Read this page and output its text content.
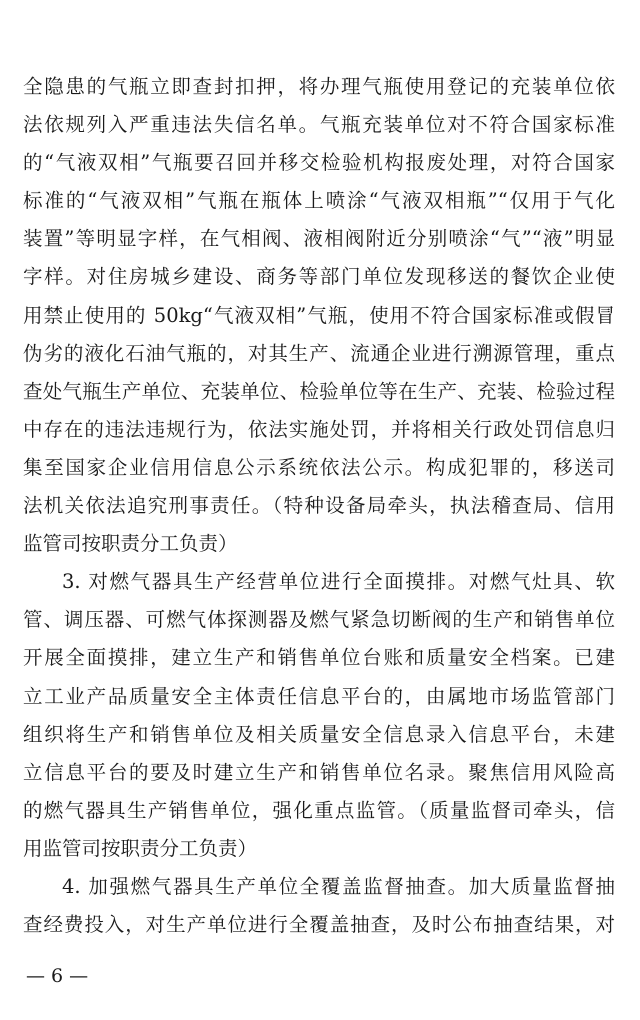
全隐患的气瓶立即查封扣押，将办理气瓶使用登记的充装单位依
法依规列入严重违法失信名单。气瓶充装单位对不符合国家标准
的“气液双相”气瓶要召回并移交检验机构报废处理，对符合国家
标准的“气液双相”气瓶在瓶体上喷涂“气液双相瓶”“仅用于气化
装置”等明显字样，在气相阀、液相阀附近分别喷涂“气”“液”明显
字样。对住房城乡建设、商务等部门单位发现移送的餐饮企业使
用禁止使用的 50kg“气液双相”气瓶，使用不符合国家标准或假冒
伪劣的液化石油气瓶的，对其生产、流通企业进行溯源管理，重点
查处气瓶生产单位、充装单位、检验单位等在生产、充装、检验过程
中存在的违法违规行为，依法实施处罚，并将相关行政处罚信息归
集至国家企业信用信息公示系统依法公示。构成犯罪的，移送司
法机关依法追究刑事责任。（特种设备局牵头，执法稽查局、信用
监管司按职责分工负责）
3. 对燃气器具生产经营单位进行全面摸排。对燃气灶具、软
管、调压器、可燃气体探测器及燃气紧急切断阀的生产和销售单位
开展全面摸排，建立生产和销售单位台账和质量安全档案。已建
立工业产品质量安全主体责任信息平台的，由属地市场监管部门
组织将生产和销售单位及相关质量安全信息录入信息平台，未建
立信息平台的要及时建立生产和销售单位名录。聚焦信用风险高
的燃气器具生产销售单位，强化重点监管。（质量监督司牵头，信
用监管司按职责分工负责）
4. 加强燃气器具生产单位全覆盖监督抽查。加大质量监督抽
查经费投入，对生产单位进行全覆盖抽查，及时公布抽查结果，对
— 6 —
